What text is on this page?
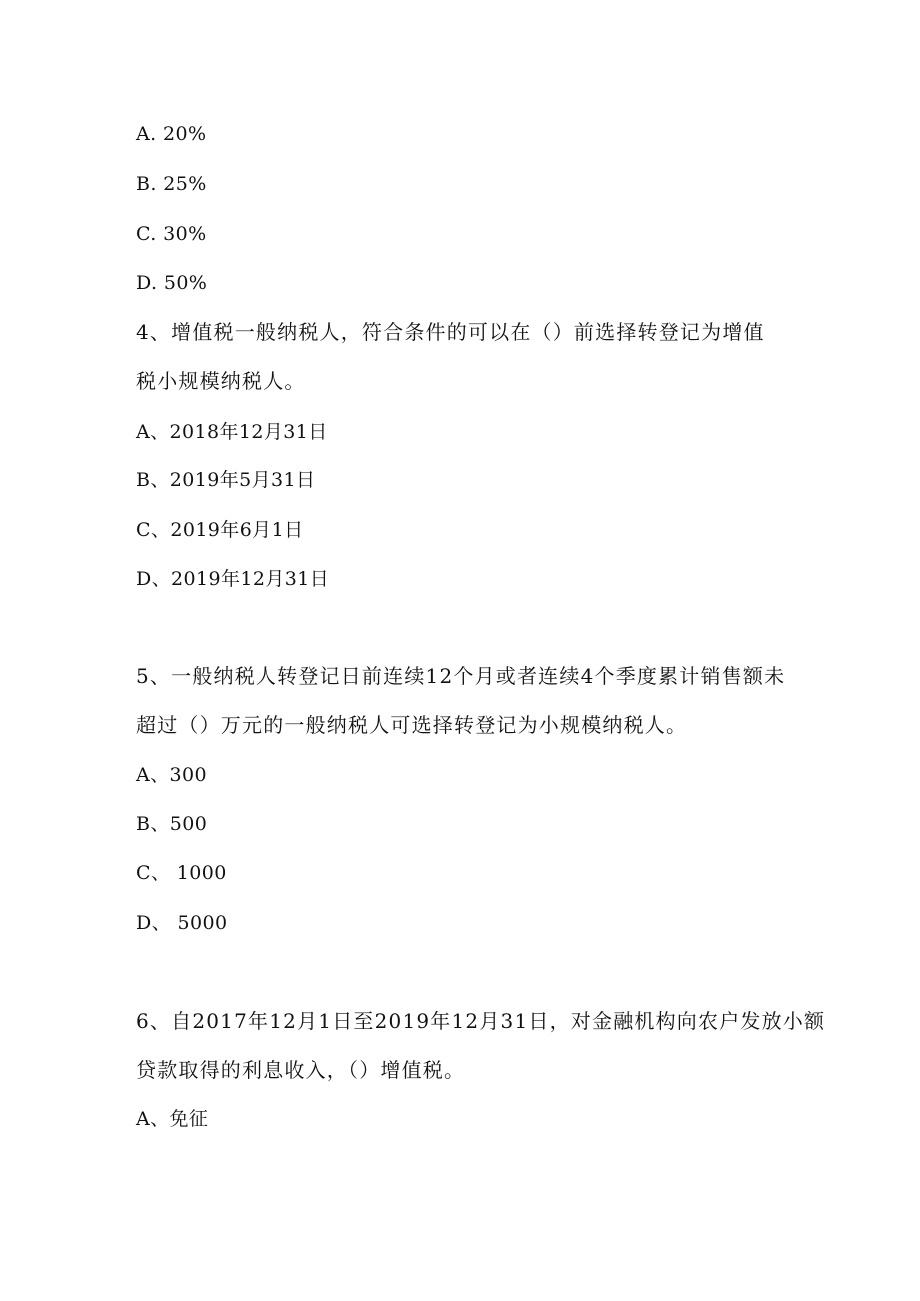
A. 20%
B. 25%
C. 30%
D. 50%
4、增值税一般纳税人，符合条件的可以在（）前选择转登记为增值
税小规模纳税人。
A、2018年12月31日
B、2019年5月31日
C、2019年6月1日
D、2019年12月31日
5、一般纳税人转登记日前连续12个月或者连续4个季度累计销售额未
超过（）万元的一般纳税人可选择转登记为小规模纳税人。
A、300
B、500
C、 1000
D、 5000
6、自2017年12月1日至2019年12月31日，对金融机构向农户发放小额
贷款取得的利息收入，（）增值税。
A、免征
